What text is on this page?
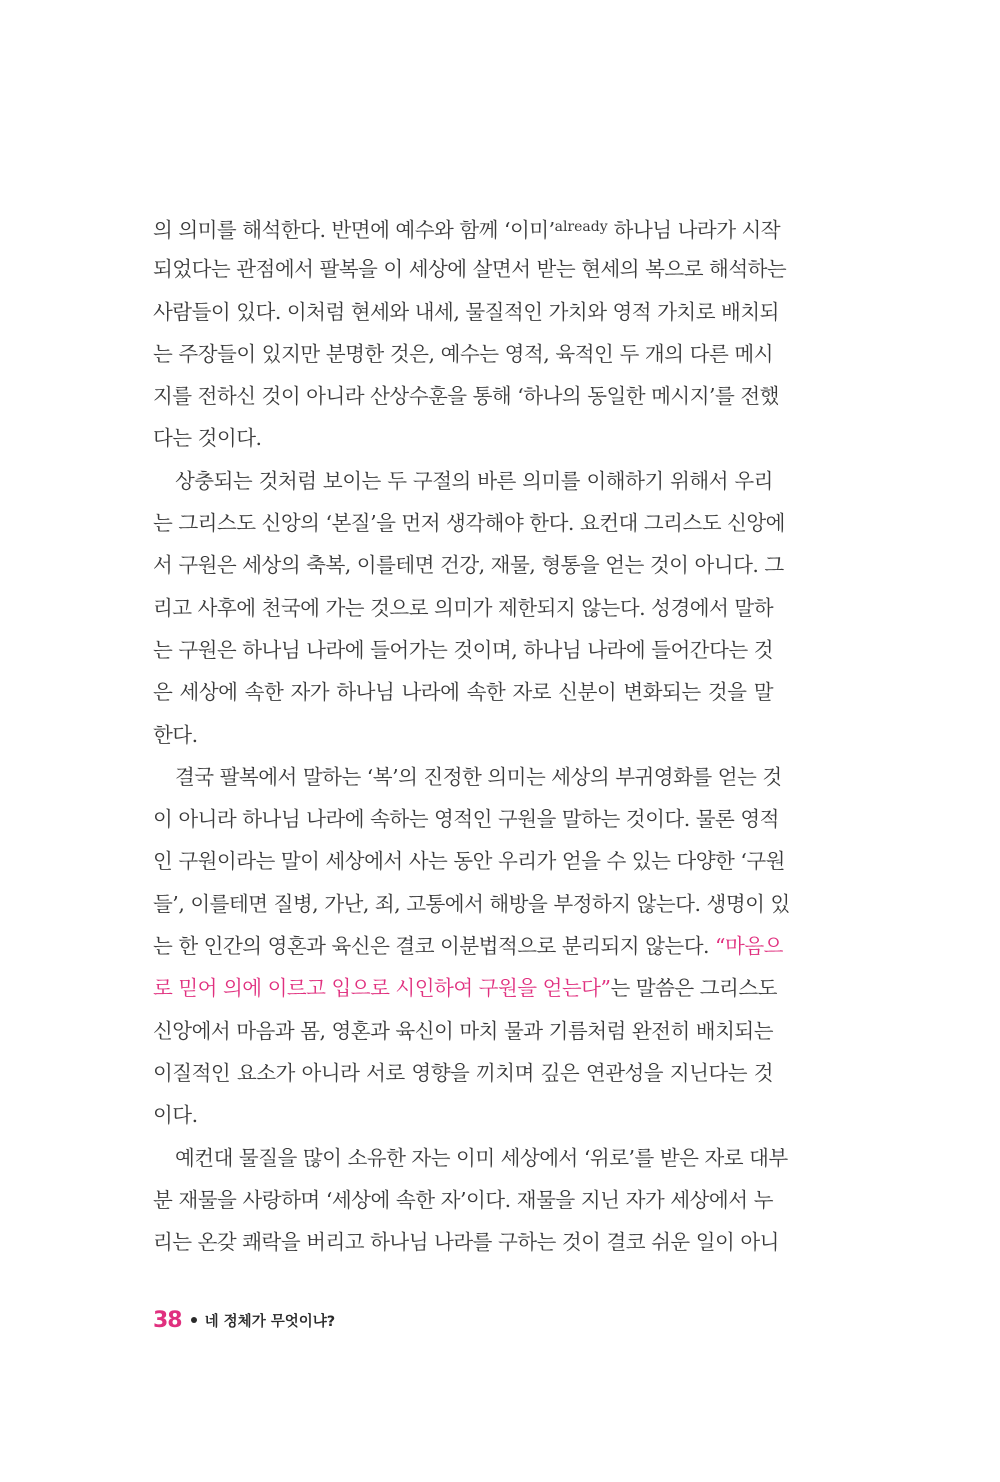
의 의미를 해석한다. 반면에 예수와 함께 ‘이미’$^{already}$ 하나님 나라가 시작
되었다는 관점에서 팔복을 이 세상에 살면서 받는 현세의 복으로 해석하는
사람들이 있다. 이처럼 현세와 내세, 물질적인 가치와 영적 가치로 배치되
는 주장들이 있지만 분명한 것은, 예수는 영적, 육적인 두 개의 다른 메시
지를 전하신 것이 아니라 산상수훈을 통해 ‘하나의 동일한 메시지’를 전했
다는 것이다.
상충되는 것처럼 보이는 두 구절의 바른 의미를 이해하기 위해서 우리
는 그리스도 신앙의 ‘본질’을 먼저 생각해야 한다. 요컨대 그리스도 신앙에
서 구원은 세상의 축복, 이를테면 건강, 재물, 형통을 얻는 것이 아니다. 그
리고 사후에 천국에 가는 것으로 의미가 제한되지 않는다. 성경에서 말하
는 구원은 하나님 나라에 들어가는 것이며, 하나님 나라에 들어간다는 것
은 세상에 속한 자가 하나님 나라에 속한 자로 신분이 변화되는 것을 말
한다.
결국 팔복에서 말하는 ‘복’의 진정한 의미는 세상의 부귀영화를 얻는 것
이 아니라 하나님 나라에 속하는 영적인 구원을 말하는 것이다. 물론 영적
인 구원이라는 말이 세상에서 사는 동안 우리가 얻을 수 있는 다양한 ‘구원
들’, 이를테면 질병, 가난, 죄, 고통에서 해방을 부정하지 않는다. 생명이 있
는 한 인간의 영혼과 육신은 결코 이분법적으로 분리되지 않는다. “마음으
로 믿어 의에 이르고 입으로 시인하여 구원을 얻는다”는 말씀은 그리스도
신앙에서 마음과 몸, 영혼과 육신이 마치 물과 기름처럼 완전히 배치되는
이질적인 요소가 아니라 서로 영향을 끼치며 깊은 연관성을 지닌다는 것
이다.
예컨대 물질을 많이 소유한 자는 이미 세상에서 ‘위로’를 받은 자로 대부
분 재물을 사랑하며 ‘세상에 속한 자’이다. 재물을 지닌 자가 세상에서 누
리는 온갖 쾌락을 버리고 하나님 나라를 구하는 것이 결코 쉬운 일이 아니
38 네 정체가 무엇이냐?
